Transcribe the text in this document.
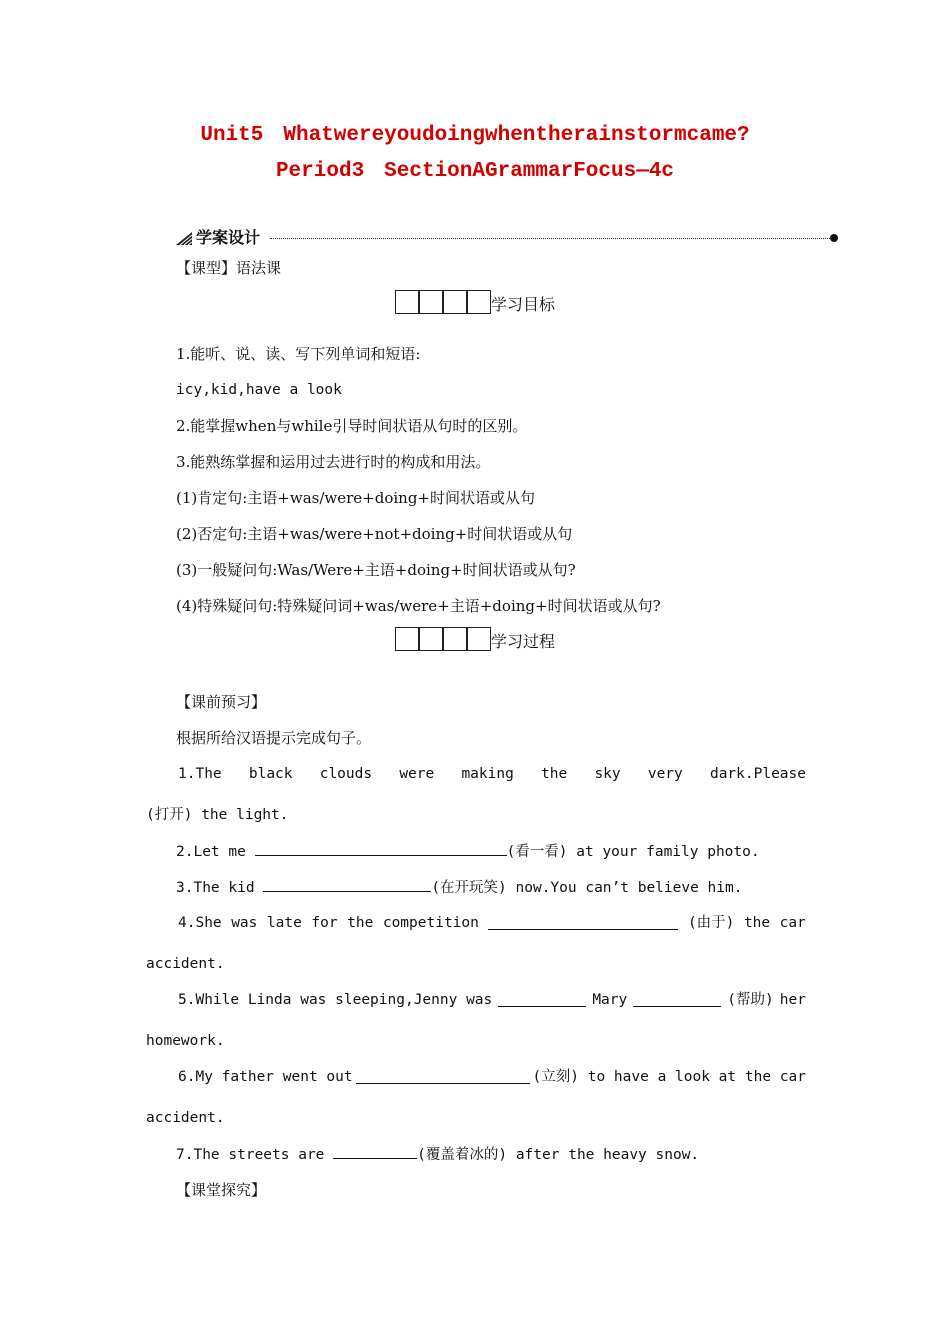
Unit5 Whatwereyoudoingwhentherainstormcame?
Period3 SectionAGrammarFocus—4c
学案设计
【课型】语法课
学习目标
1.能听、说、读、写下列单词和短语:
icy,kid,have a look
2.能掌握when与while引导时间状语从句时的区别。
3.能熟练掌握和运用过去进行时的构成和用法。
(1)肯定句:主语+was/were+doing+时间状语或从句
(2)否定句:主语+was/were+not+doing+时间状语或从句
(3)一般疑问句:Was/Were+主语+doing+时间状语或从句?
(4)特殊疑问句:特殊疑问词+was/were+主语+doing+时间状语或从句?
学习过程
【课前预习】
根据所给汉语提示完成句子。
1.The black clouds were making the sky very dark.Please
(打开) the light.
2.Let me	(看一看) at your family photo.
3.The kid	(在开玩笑) now.You can’t believe him.
4.She was late for the competition	(由于) the car
accident.
5.While Linda was sleeping,Jenny was	Mary	(帮助) her
homework.
6.My father went out	(立刻) to have a look at the car
accident.
7.The streets are	(覆盖着冰的) after the heavy snow.
【课堂探究】
